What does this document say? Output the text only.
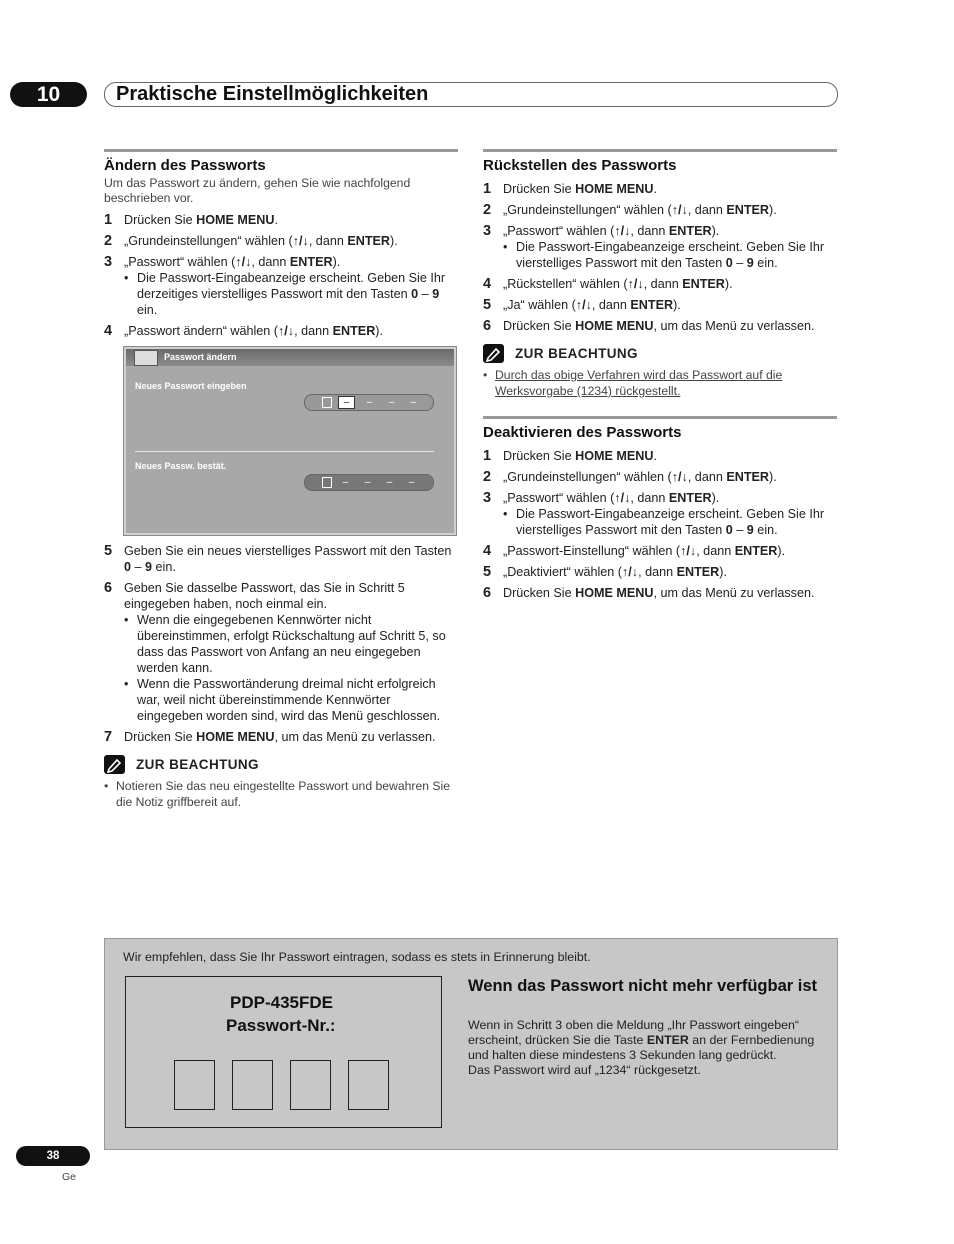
10	Praktische Einstellmöglichkeiten
Ändern des Passworts

Um das Passwort zu ändern, gehen Sie wie nachfolgend beschrieben vor.

1 Drücken Sie HOME MENU.
2 „Grundeinstellungen“ wählen (↑/↓, dann ENTER).
3 „Passwort“ wählen (↑/↓, dann ENTER).
• Die Passwort-Eingabeanzeige erscheint. Geben Sie Ihr derzeitiges vierstelliges Passwort mit den Tasten 0 – 9 ein.
4 „Passwort ändern“ wählen (↑/↓, dann ENTER).
Passwort ändern
Neues Passwort eingeben
–	–	–	–
Neues Passw. bestät.
–	–	–	–
5 Geben Sie ein neues vierstelliges Passwort mit den Tasten 0 – 9 ein.
6 Geben Sie dasselbe Passwort, das Sie in Schritt 5 eingegeben haben, noch einmal ein.
• Wenn die eingegebenen Kennwörter nicht übereinstimmen, erfolgt Rückschaltung auf Schritt 5, so dass das Passwort von Anfang an neu eingegeben werden kann.
• Wenn die Passwortänderung dreimal nicht erfolgreich war, weil nicht übereinstimmende Kennwörter eingegeben worden sind, wird das Menü geschlossen.
7 Drücken Sie HOME MENU, um das Menü zu verlassen.
ZUR BEACHTUNG
• Notieren Sie das neu eingestellte Passwort und bewahren Sie die Notiz griffbereit auf.
Rückstellen des Passworts
1 Drücken Sie HOME MENU.
2 „Grundeinstellungen“ wählen (↑/↓, dann ENTER).
3 „Passwort“ wählen (↑/↓, dann ENTER).
• Die Passwort-Eingabeanzeige erscheint. Geben Sie Ihr vierstelliges Passwort mit den Tasten 0 – 9 ein.
4 „Rückstellen“ wählen (↑/↓, dann ENTER).
5 „Ja“ wählen (↑/↓, dann ENTER).
6 Drücken Sie HOME MENU, um das Menü zu verlassen.
ZUR BEACHTUNG
• Durch das obige Verfahren wird das Passwort auf die Werksvorgabe (1234) rückgestellt.
Deaktivieren des Passworts
1 Drücken Sie HOME MENU.
2 „Grundeinstellungen“ wählen (↑/↓, dann ENTER).
3 „Passwort“ wählen (↑/↓, dann ENTER).
• Die Passwort-Eingabeanzeige erscheint. Geben Sie Ihr vierstelliges Passwort mit den Tasten 0 – 9 ein.
4 „Passwort-Einstellung“ wählen (↑/↓, dann ENTER).
5 „Deaktiviert“ wählen (↑/↓, dann ENTER).
6 Drücken Sie HOME MENU, um das Menü zu verlassen.
Wir empfehlen, dass Sie Ihr Passwort eintragen, sodass es stets in Erinnerung bleibt.
PDP-435FDE
Passwort-Nr.:
Wenn das Passwort nicht mehr verfügbar ist
Wenn in Schritt 3 oben die Meldung „Ihr Passwort eingeben“ erscheint, drücken Sie die Taste ENTER an der Fernbedienung und halten diese mindestens 3 Sekunden lang gedrückt.
Das Passwort wird auf „1234“ rückgesetzt.
38
Ge
